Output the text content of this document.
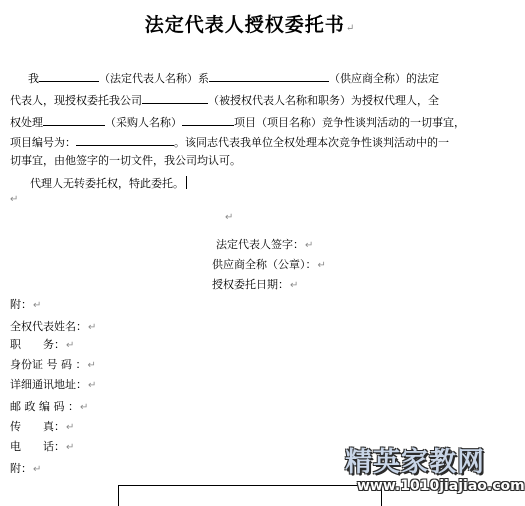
法定代表人授权委托书↵
我	（法定代表人名称）系	（供应商全称）的法定
代表人，现授权委托我公司	（被授权代表人名称和职务）为授权代理人，全
权处理	（采购人名称）	项目（项目名称）竞争性谈判活动的一切事宜，
项目编号为：	。该同志代表我单位全权处理本次竞争性谈判活动中的一
切事宜，由他签字的一切文件，我公司均认可。
代理人无转委托权，特此委托。
↵
↵
法定代表人签字：↵
供应商全称（公章）：↵
授权委托日期：↵
附：↵
全权代表姓名：↵
职　　务：↵
身份证 号 码 ：↵
详细通讯地址：↵
邮 政 编 码 ：↵
传　　真：↵
电　　话：↵
附：↵	精英家教网
www.1010jiajiao.com
